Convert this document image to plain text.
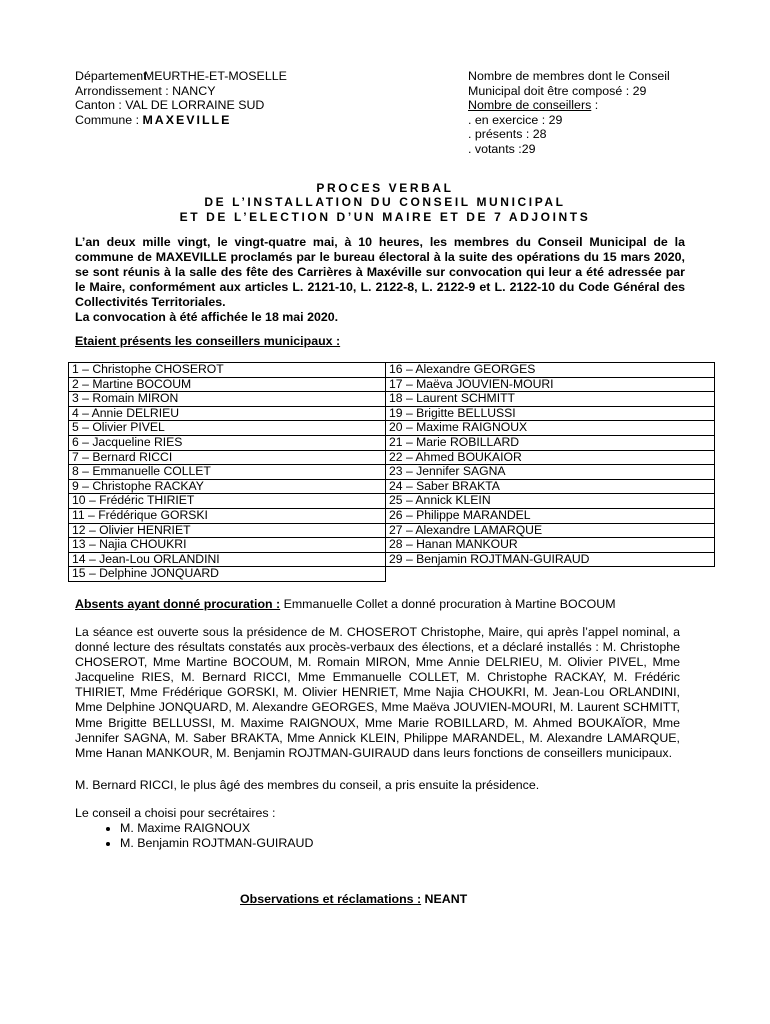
Département: MEURTHE-ET-MOSELLE
Arrondissement : NANCY
Canton : VAL DE LORRAINE SUD
Commune : MAXEVILLE
Nombre de membres dont le Conseil
Municipal doit être composé : 29
Nombre de conseillers :
. en exercice : 29
. présents : 28
. votants :29
PROCES VERBAL
DE L’INSTALLATION DU CONSEIL MUNICIPAL
ET DE L’ELECTION D’UN MAIRE ET DE 7 ADJOINTS
L’an deux mille vingt, le vingt-quatre mai, à 10 heures, les membres du Conseil Municipal de la commune de MAXEVILLE proclamés par le bureau électoral à la suite des opérations du 15 mars 2020, se sont réunis à la salle des fête des Carrières à Maxéville sur convocation qui leur a été adressée par le Maire, conformément aux articles L. 2121-10, L. 2122-8, L. 2122-9 et L. 2122-10 du Code Général des Collectivités Territoriales.
La convocation à été affichée le 18 mai 2020.
Etaient présents les conseillers municipaux :
1 – Christophe CHOSEROT	16 – Alexandre GEORGES
2 – Martine BOCOUM	17 – Maëva JOUVIEN-MOURI
3 – Romain MIRON	18 – Laurent SCHMITT
4 – Annie DELRIEU	19 – Brigitte BELLUSSI
5 – Olivier PIVEL	20 – Maxime RAIGNOUX
6 – Jacqueline RIES	21 – Marie ROBILLARD
7 – Bernard RICCI	22 – Ahmed BOUKAIOR
8 – Emmanuelle COLLET	23 – Jennifer SAGNA
9 – Christophe RACKAY	24 – Saber BRAKTA
10 – Frédéric THIRIET	25 – Annick KLEIN
11 – Frédérique GORSKI	26 – Philippe MARANDEL
12 – Olivier HENRIET	27 – Alexandre LAMARQUE
13 – Najia CHOUKRI	28 – Hanan MANKOUR
14 – Jean-Lou ORLANDINI	29 – Benjamin ROJTMAN-GUIRAUD
15 – Delphine JONQUARD	
Absents ayant donné procuration : Emmanuelle Collet a donné procuration à Martine BOCOUM
La séance est ouverte sous la présidence de M. CHOSEROT Christophe, Maire, qui après l’appel nominal, a donné lecture des résultats constatés aux procès-verbaux des élections, et a déclaré installés : M. Christophe CHOSEROT, Mme Martine BOCOUM, M. Romain MIRON, Mme Annie DELRIEU, M. Olivier PIVEL, Mme Jacqueline RIES, M. Bernard RICCI, Mme Emmanuelle COLLET, M. Christophe RACKAY, M. Frédéric THIRIET, Mme Frédérique GORSKI, M. Olivier HENRIET, Mme Najia CHOUKRI, M. Jean-Lou ORLANDINI, Mme Delphine JONQUARD, M. Alexandre GEORGES, Mme Maëva JOUVIEN-MOURI, M. Laurent SCHMITT, Mme Brigitte BELLUSSI, M. Maxime RAIGNOUX, Mme Marie ROBILLARD, M. Ahmed BOUKAÏOR, Mme Jennifer SAGNA, M. Saber BRAKTA, Mme Annick KLEIN, Philippe MARANDEL, M. Alexandre LAMARQUE, Mme Hanan MANKOUR, M. Benjamin ROJTMAN-GUIRAUD dans leurs fonctions de conseillers municipaux.
M. Bernard RICCI, le plus âgé des membres du conseil, a pris ensuite la présidence.
Le conseil a choisi pour secrétaires :
• M. Maxime RAIGNOUX
• M. Benjamin ROJTMAN-GUIRAUD
Observations et réclamations : NEANT
